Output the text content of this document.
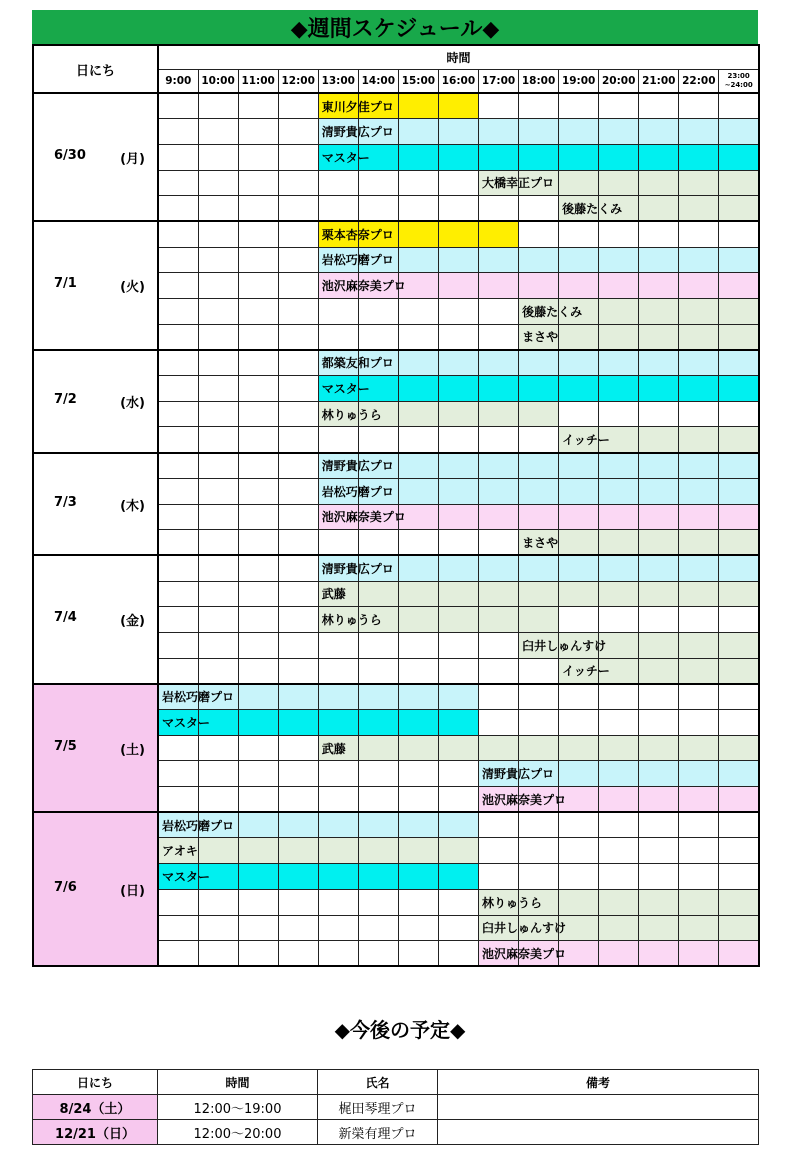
◆週間スケジュール◆
日にち	時間														
	9:00	10:00	11:00	12:00	13:00	14:00	15:00	16:00	17:00	18:00	19:00	20:00	21:00	22:00	23:00
~24:00

6/30 (月)					東川夕佳プロ										
					清野貴広プロ										
					マスター										
									大橋幸正プロ						
											後藤たくみ				

7/1 (火)					栗本杏奈プロ										
					岩松巧磨プロ										
					池沢麻奈美プロ										
										後藤たくみ					
										まさや					

7/2 (水)					都築友和プロ										
					マスター										
					林りゅうら										
											イッチー				

7/3 (木)					清野貴広プロ										
					岩松巧磨プロ										
					池沢麻奈美プロ										
										まさや					

7/4 (金)					清野貴広プロ										
					武藤										
					林りゅうら										
										臼井しゅんすけ					
											イッチー				

7/5 (土)	岩松巧磨プロ														
	マスター														
					武藤										
									清野貴広プロ						
									池沢麻奈美プロ						

7/6 (日)	岩松巧磨プロ														
	アオキ														
	マスター														
									林りゅうら						
									臼井しゅんすけ						
									池沢麻奈美プロ						
◆今後の予定◆
日にち	時間	氏名	備考
8/24（土）	12:00～19:00	梶田琴理プロ	
12/21（日）	12:00～20:00	新榮有理プロ	
